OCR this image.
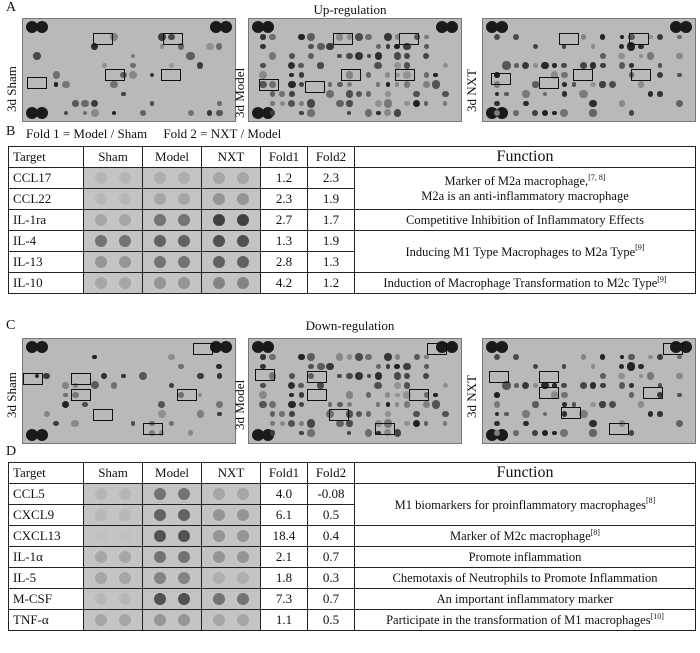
A	Up-regulation
3d Sham	3d Model	3d NXT
B Fold 1 = Model / Sham     Fold 2 = NXT / Model
Target	Sham	Model	NXT	Fold1	Fold2	Function
CCL17				1.2	2.3	Marker of M2a macrophage,[7, 8]
M2a is an anti-inflammatory macrophage
CCL22				2.3	1.9	
IL-1ra				2.7	1.7	Competitive Inhibition of Inflammatory Effects
IL-4				1.3	1.9	Inducing M1 Type Macrophages to M2a Type[9]
IL-13				2.8	1.3	
IL-10				4.2	1.2	Induction of Macrophage Transformation to M2c Type[9]
C	Down-regulation
3d Sham	3d Model	3d NXT
D
Target	Sham	Model	NXT	Fold1	Fold2	Function
CCL5				4.0	-0.08	M1 biomarkers for proinflammatory macrophages[8]
CXCL9				6.1	0.5	
CXCL13				18.4	0.4	Marker of M2c macrophage[8]
IL-1α				2.1	0.7	Promote inflammation
IL-5				1.8	0.3	Chemotaxis of Neutrophils to Promote Inflammation
M-CSF				7.3	0.7	An important inflammatory marker
TNF-α				1.1	0.5	Participate in the transformation of M1 macrophages[10]
